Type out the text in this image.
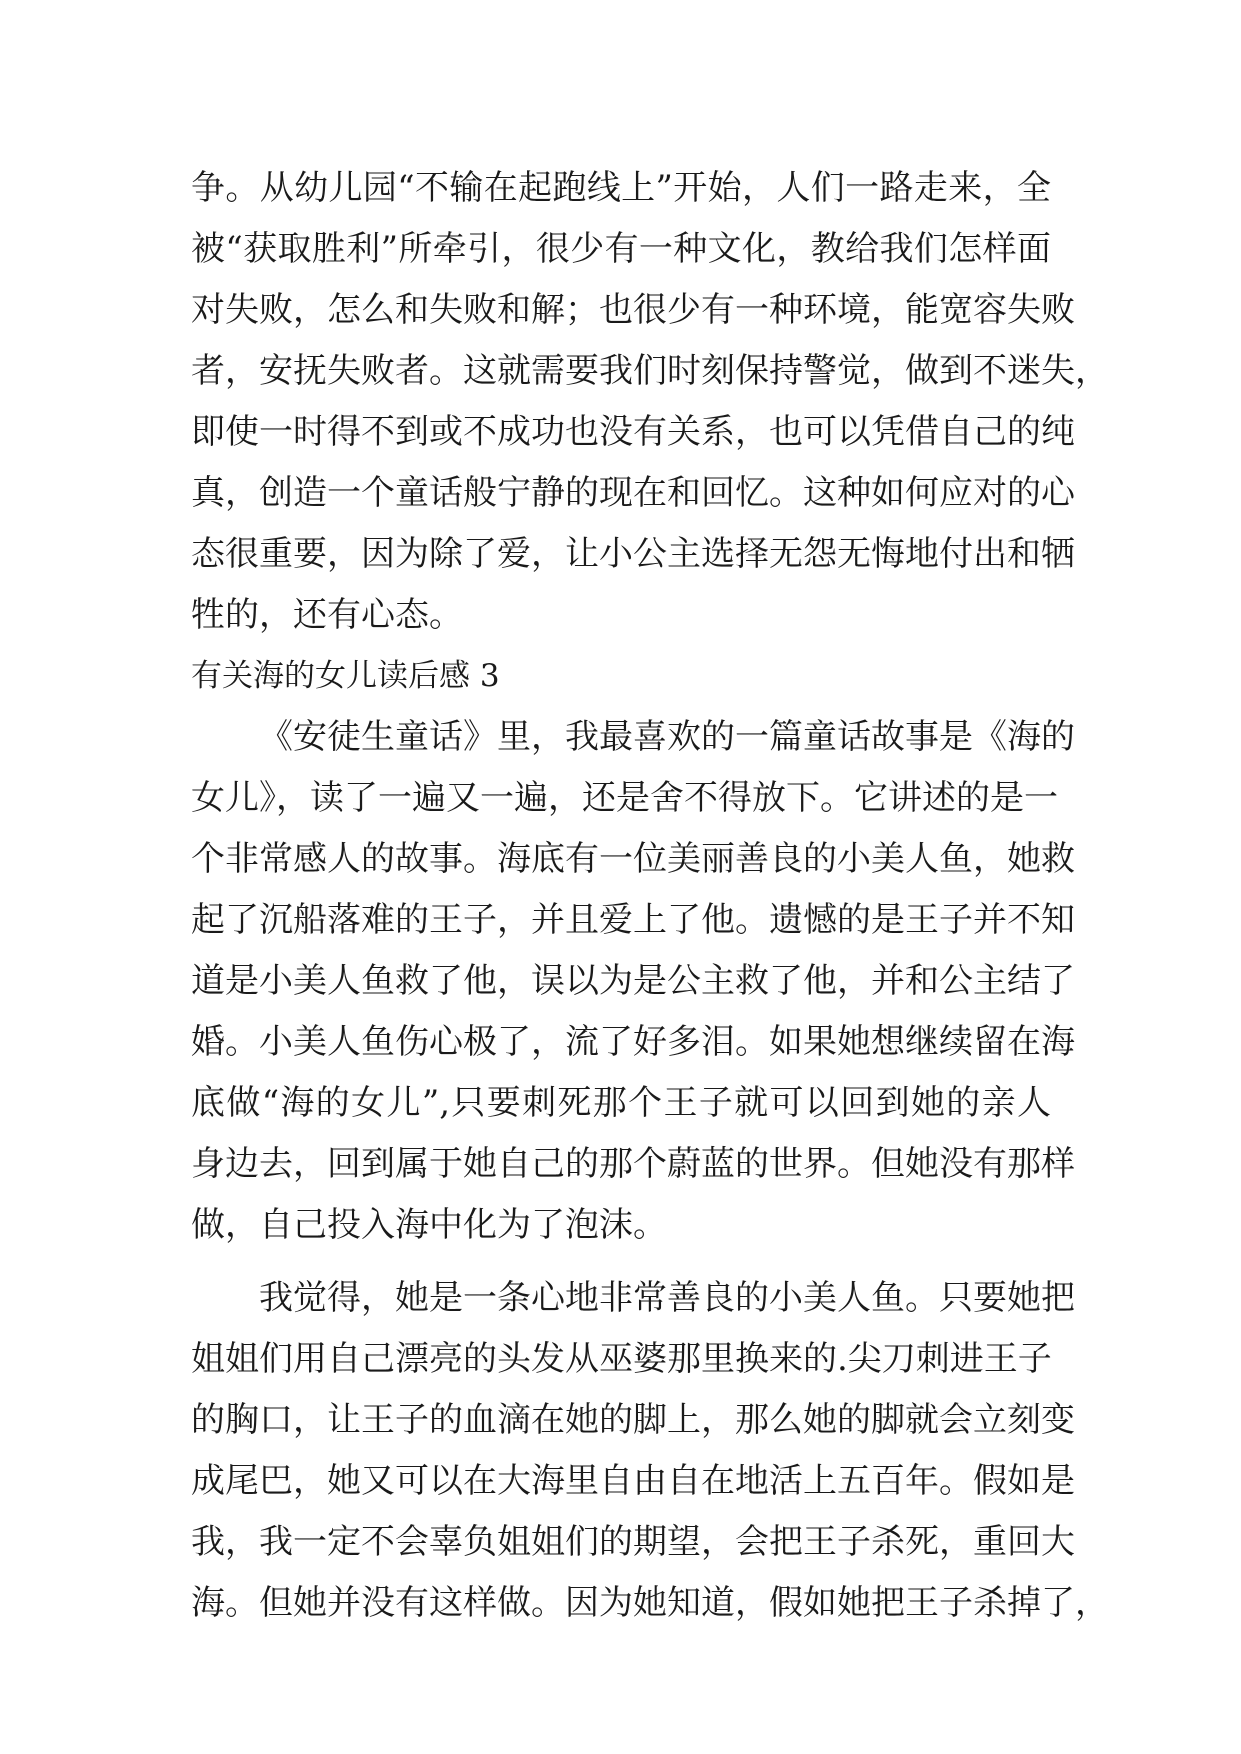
争。从幼儿园“不输在起跑线上”开始，人们一路走来，全
被“获取胜利”所牵引，很少有一种文化，教给我们怎样面
对失败，怎么和失败和解；也很少有一种环境，能宽容失败
者，安抚失败者。这就需要我们时刻保持警觉，做到不迷失，
即使一时得不到或不成功也没有关系，也可以凭借自己的纯
真，创造一个童话般宁静的现在和回忆。这种如何应对的心
态很重要，因为除了爱，让小公主选择无怨无悔地付出和牺
牲的，还有心态。
有关海的女儿读后感 3
《安徒生童话》里，我最喜欢的一篇童话故事是《海的
女儿》，读了一遍又一遍，还是舍不得放下。它讲述的是一
个非常感人的故事。海底有一位美丽善良的小美人鱼，她救
起了沉船落难的王子，并且爱上了他。遗憾的是王子并不知
道是小美人鱼救了他，误以为是公主救了他，并和公主结了
婚。小美人鱼伤心极了，流了好多泪。如果她想继续留在海
底做“海的女儿”,只要刺死那个王子就可以回到她的亲人
身边去，回到属于她自己的那个蔚蓝的世界。但她没有那样
做，自己投入海中化为了泡沫。
我觉得，她是一条心地非常善良的小美人鱼。只要她把
姐姐们用自己漂亮的头发从巫婆那里换来的.尖刀刺进王子
的胸口，让王子的血滴在她的脚上，那么她的脚就会立刻变
成尾巴，她又可以在大海里自由自在地活上五百年。假如是
我，我一定不会辜负姐姐们的期望，会把王子杀死，重回大
海。但她并没有这样做。因为她知道，假如她把王子杀掉了，
